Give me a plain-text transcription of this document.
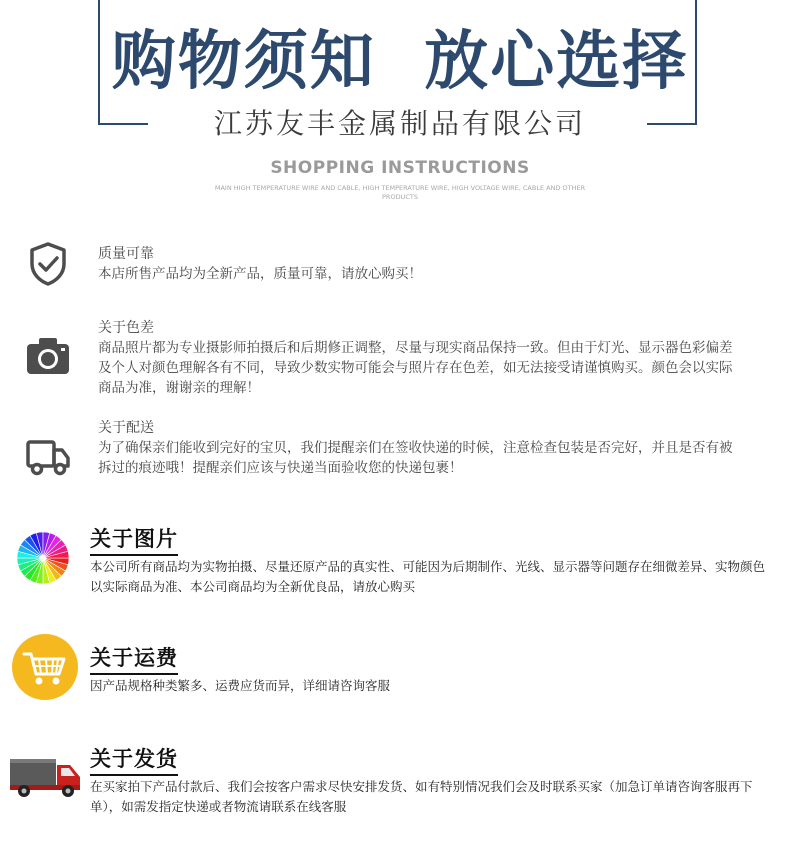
购物须知  放心选择
江苏友丰金属制品有限公司
SHOPPING INSTRUCTIONS
MAIN HIGH TEMPERATURE WIRE AND CABLE, HIGH TEMPERATURE WIRE, HIGH VOLTAGE WIRE, CABLE AND OTHER PRODUCTS
质量可靠
本店所售产品均为全新产品，质量可靠，请放心购买！
关于色差
商品照片都为专业摄影师拍摄后和后期修正调整，尽量与现实商品保持一致。但由于灯光、显示器色彩偏差及个人对颜色理解各有不同，导致少数实物可能会与照片存在色差，如无法接受请谨慎购买。颜色会以实际商品为准，谢谢亲的理解！
关于配送
为了确保亲们能收到完好的宝贝，我们提醒亲们在签收快递的时候，注意检查包装是否完好，并且是否有被拆过的痕迹哦！提醒亲们应该与快递当面验收您的快递包裹！
关于图片
本公司所有商品均为实物拍摄、尽量还原产品的真实性、可能因为后期制作、光线、显示器等问题存在细微差异、实物颜色以实际商品为准、本公司商品均为全新优良品，请放心购买
关于运费
因产品规格种类繁多、运费应货而异，详细请咨询客服
关于发货
在买家拍下产品付款后、我们会按客户需求尽快安排发货、如有特别情况我们会及时联系买家（加急订单请咨询客服再下单），如需发指定快递或者物流请联系在线客服
